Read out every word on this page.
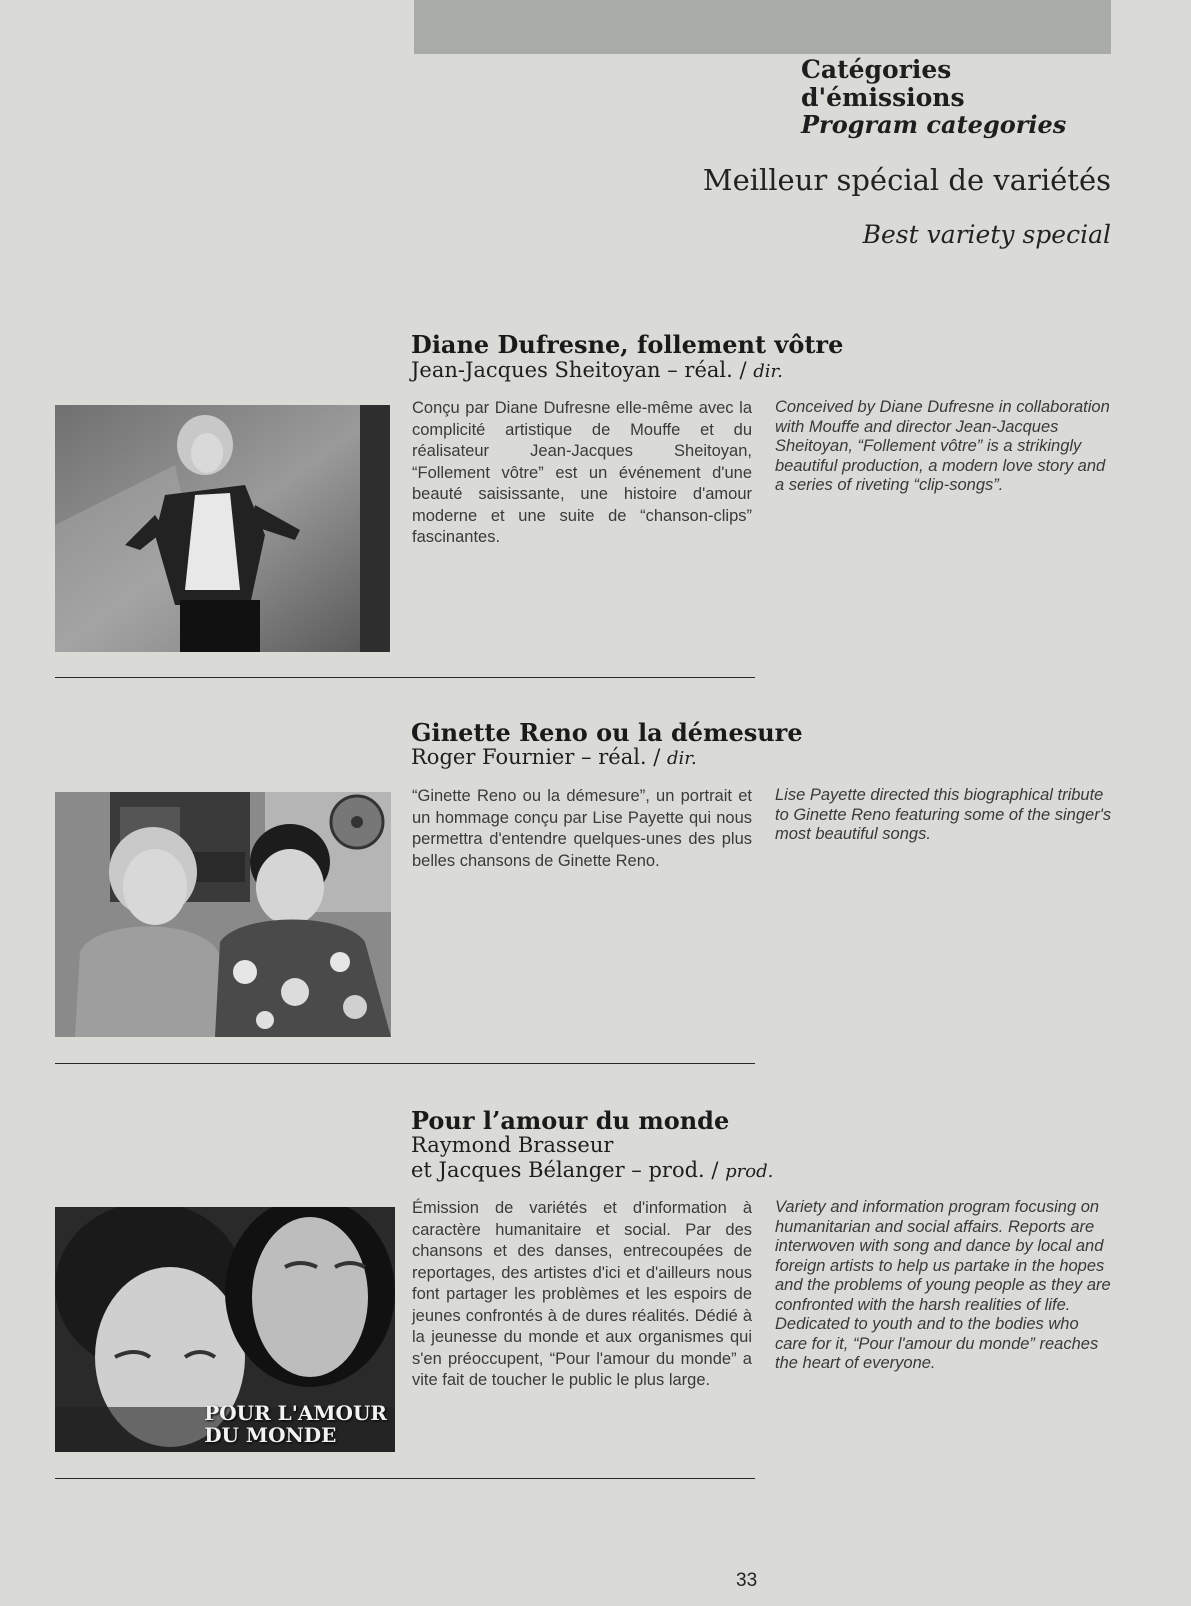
Catégories d'émissions
Program categories
Meilleur spécial de variétés
Best variety special
Diane Dufresne, follement vôtre
Jean-Jacques Sheitoyan – réal. / dir.
Conçu par Diane Dufresne elle-même avec la complicité artistique de Mouffe et du réalisateur Jean-Jacques Sheitoyan, “Follement vôtre” est un événement d'une beauté saisissante, une histoire d'amour moderne et une suite de “chanson-clips” fascinantes.
Conceived by Diane Dufresne in collaboration with Mouffe and director Jean-Jacques Sheitoyan, “Follement vôtre” is a strikingly beautiful production, a modern love story and a series of riveting “clip-songs”.
Ginette Reno ou la démesure
Roger Fournier – réal. / dir.
“Ginette Reno ou la démesure”, un portrait et un hommage conçu par Lise Payette qui nous permettra d'entendre quelques-unes des plus belles chansons de Ginette Reno.
Lise Payette directed this biographical tribute to Ginette Reno featuring some of the singer's most beautiful songs.
Pour l’amour du monde
Raymond Brasseur
et Jacques Bélanger – prod. / prod.
POUR L'AMOUR
DU MONDE
Émission de variétés et d'information à caractère humanitaire et social. Par des chansons et des danses, entrecoupées de reportages, des artistes d'ici et d'ailleurs nous font partager les problèmes et les espoirs de jeunes confrontés à de dures réalités. Dédié à la jeunesse du monde et aux organismes qui s'en préoccupent, “Pour l'amour du monde” a vite fait de toucher le public le plus large.
Variety and information program focusing on humanitarian and social affairs. Reports are interwoven with song and dance by local and foreign artists to help us partake in the hopes and the problems of young people as they are confronted with the harsh realities of life. Dedicated to youth and to the bodies who care for it, “Pour l'amour du monde” reaches the heart of everyone.
33
